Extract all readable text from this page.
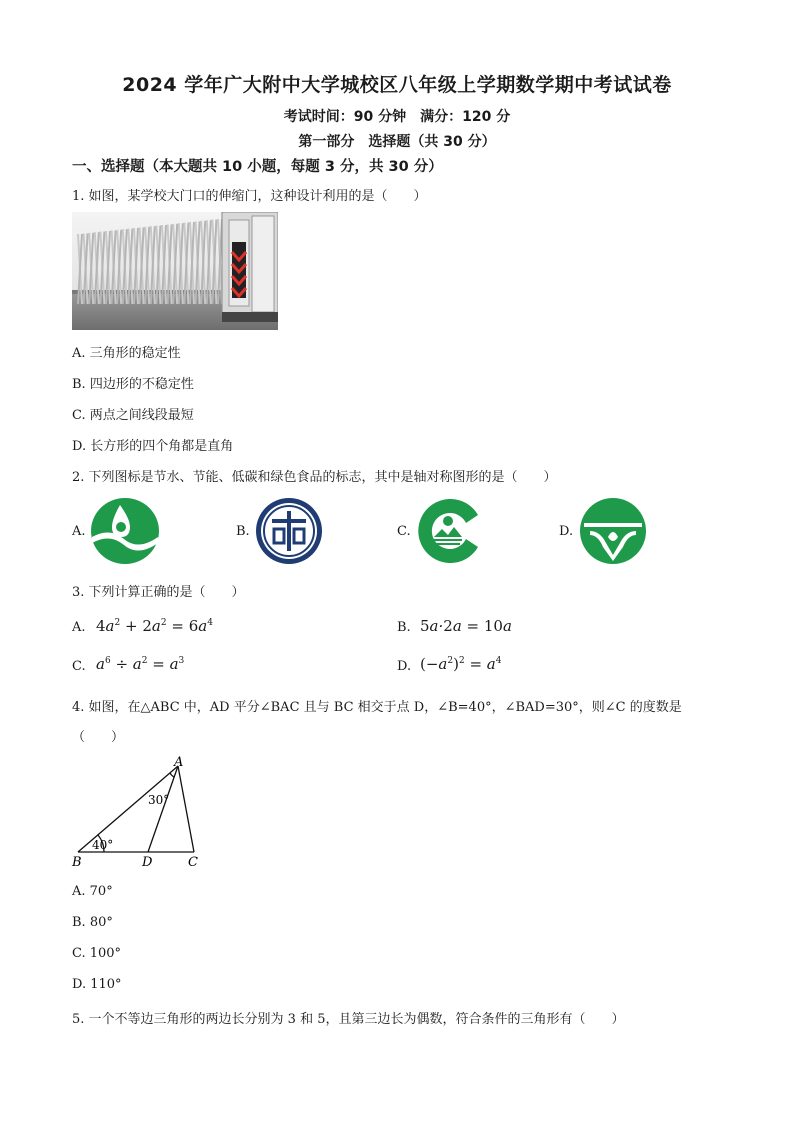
2024 学年广大附中大学城校区八年级上学期数学期中考试试卷
考试时间：90 分钟　满分：120 分
第一部分　选择题（共 30 分）
一、选择题（本大题共 10 小题，每题 3 分，共 30 分）
1. 如图，某学校大门口的伸缩门，这种设计利用的是（　　）
A. 三角形的稳定性
B. 四边形的不稳定性
C. 两点之间线段最短
D. 长方形的四个角都是直角
2. 下列图标是节水、节能、低碳和绿色食品的标志，其中是轴对称图形的是（　　）
A.	B.	C.	D.
3. 下列计算正确的是（　　）
A. $4a^2 + 2a^2 = 6a^4$	B. 5a·2a = 10a
C. $a^6 \div a^2 = a^3$	D. $(-a^2)^2 = a^4$
4. 如图，在△ABC 中，AD 平分∠BAC 且与 BC 相交于点 D，∠B=40°，∠BAD=30°，则∠C 的度数是
（　　）
A
B	D	C
30°
40°
A. 70°
B. 80°
C. 100°
D. 110°
5. 一个不等边三角形的两边长分别为 3 和 5，且第三边长为偶数，符合条件的三角形有（　　）
